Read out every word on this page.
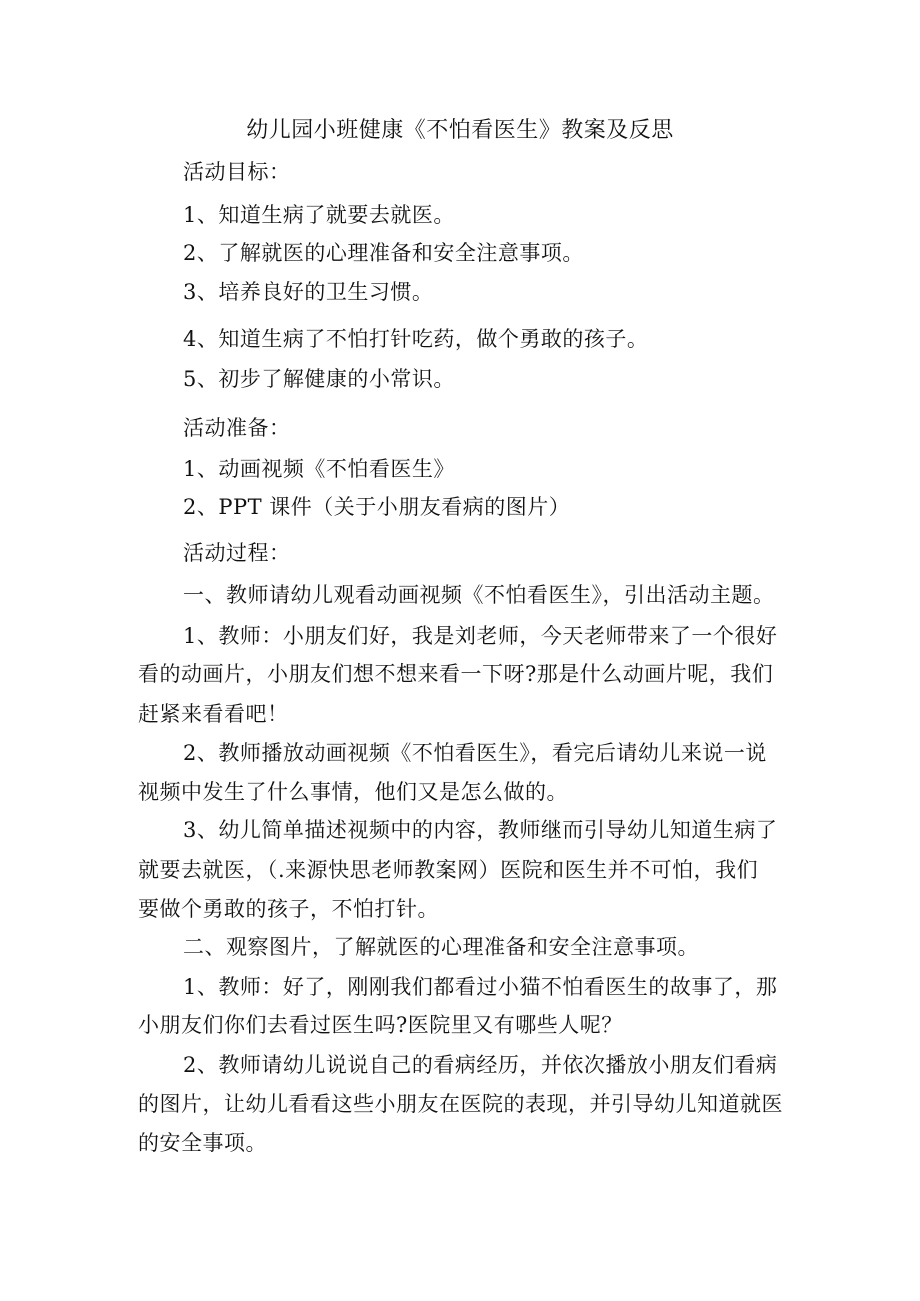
幼儿园小班健康《不怕看医生》教案及反思
活动目标：
1、知道生病了就要去就医。
2、了解就医的心理准备和安全注意事项。
3、培养良好的卫生习惯。
4、知道生病了不怕打针吃药，做个勇敢的孩子。
5、初步了解健康的小常识。
活动准备：
1、动画视频《不怕看医生》
2、PPT 课件（关于小朋友看病的图片）
活动过程：
一、教师请幼儿观看动画视频《不怕看医生》，引出活动主题。
1、教师：小朋友们好，我是刘老师，今天老师带来了一个很好
看的动画片，小朋友们想不想来看一下呀?那是什么动画片呢，我们
赶紧来看看吧！
2、教师播放动画视频《不怕看医生》，看完后请幼儿来说一说
视频中发生了什么事情，他们又是怎么做的。
3、幼儿简单描述视频中的内容，教师继而引导幼儿知道生病了
就要去就医，（.来源快思老师教案网）医院和医生并不可怕，我们
要做个勇敢的孩子，不怕打针。
二、观察图片，了解就医的心理准备和安全注意事项。
1、教师：好了，刚刚我们都看过小猫不怕看医生的故事了，那
小朋友们你们去看过医生吗?医院里又有哪些人呢？
2、教师请幼儿说说自己的看病经历，并依次播放小朋友们看病
的图片，让幼儿看看这些小朋友在医院的表现，并引导幼儿知道就医
的安全事项。
